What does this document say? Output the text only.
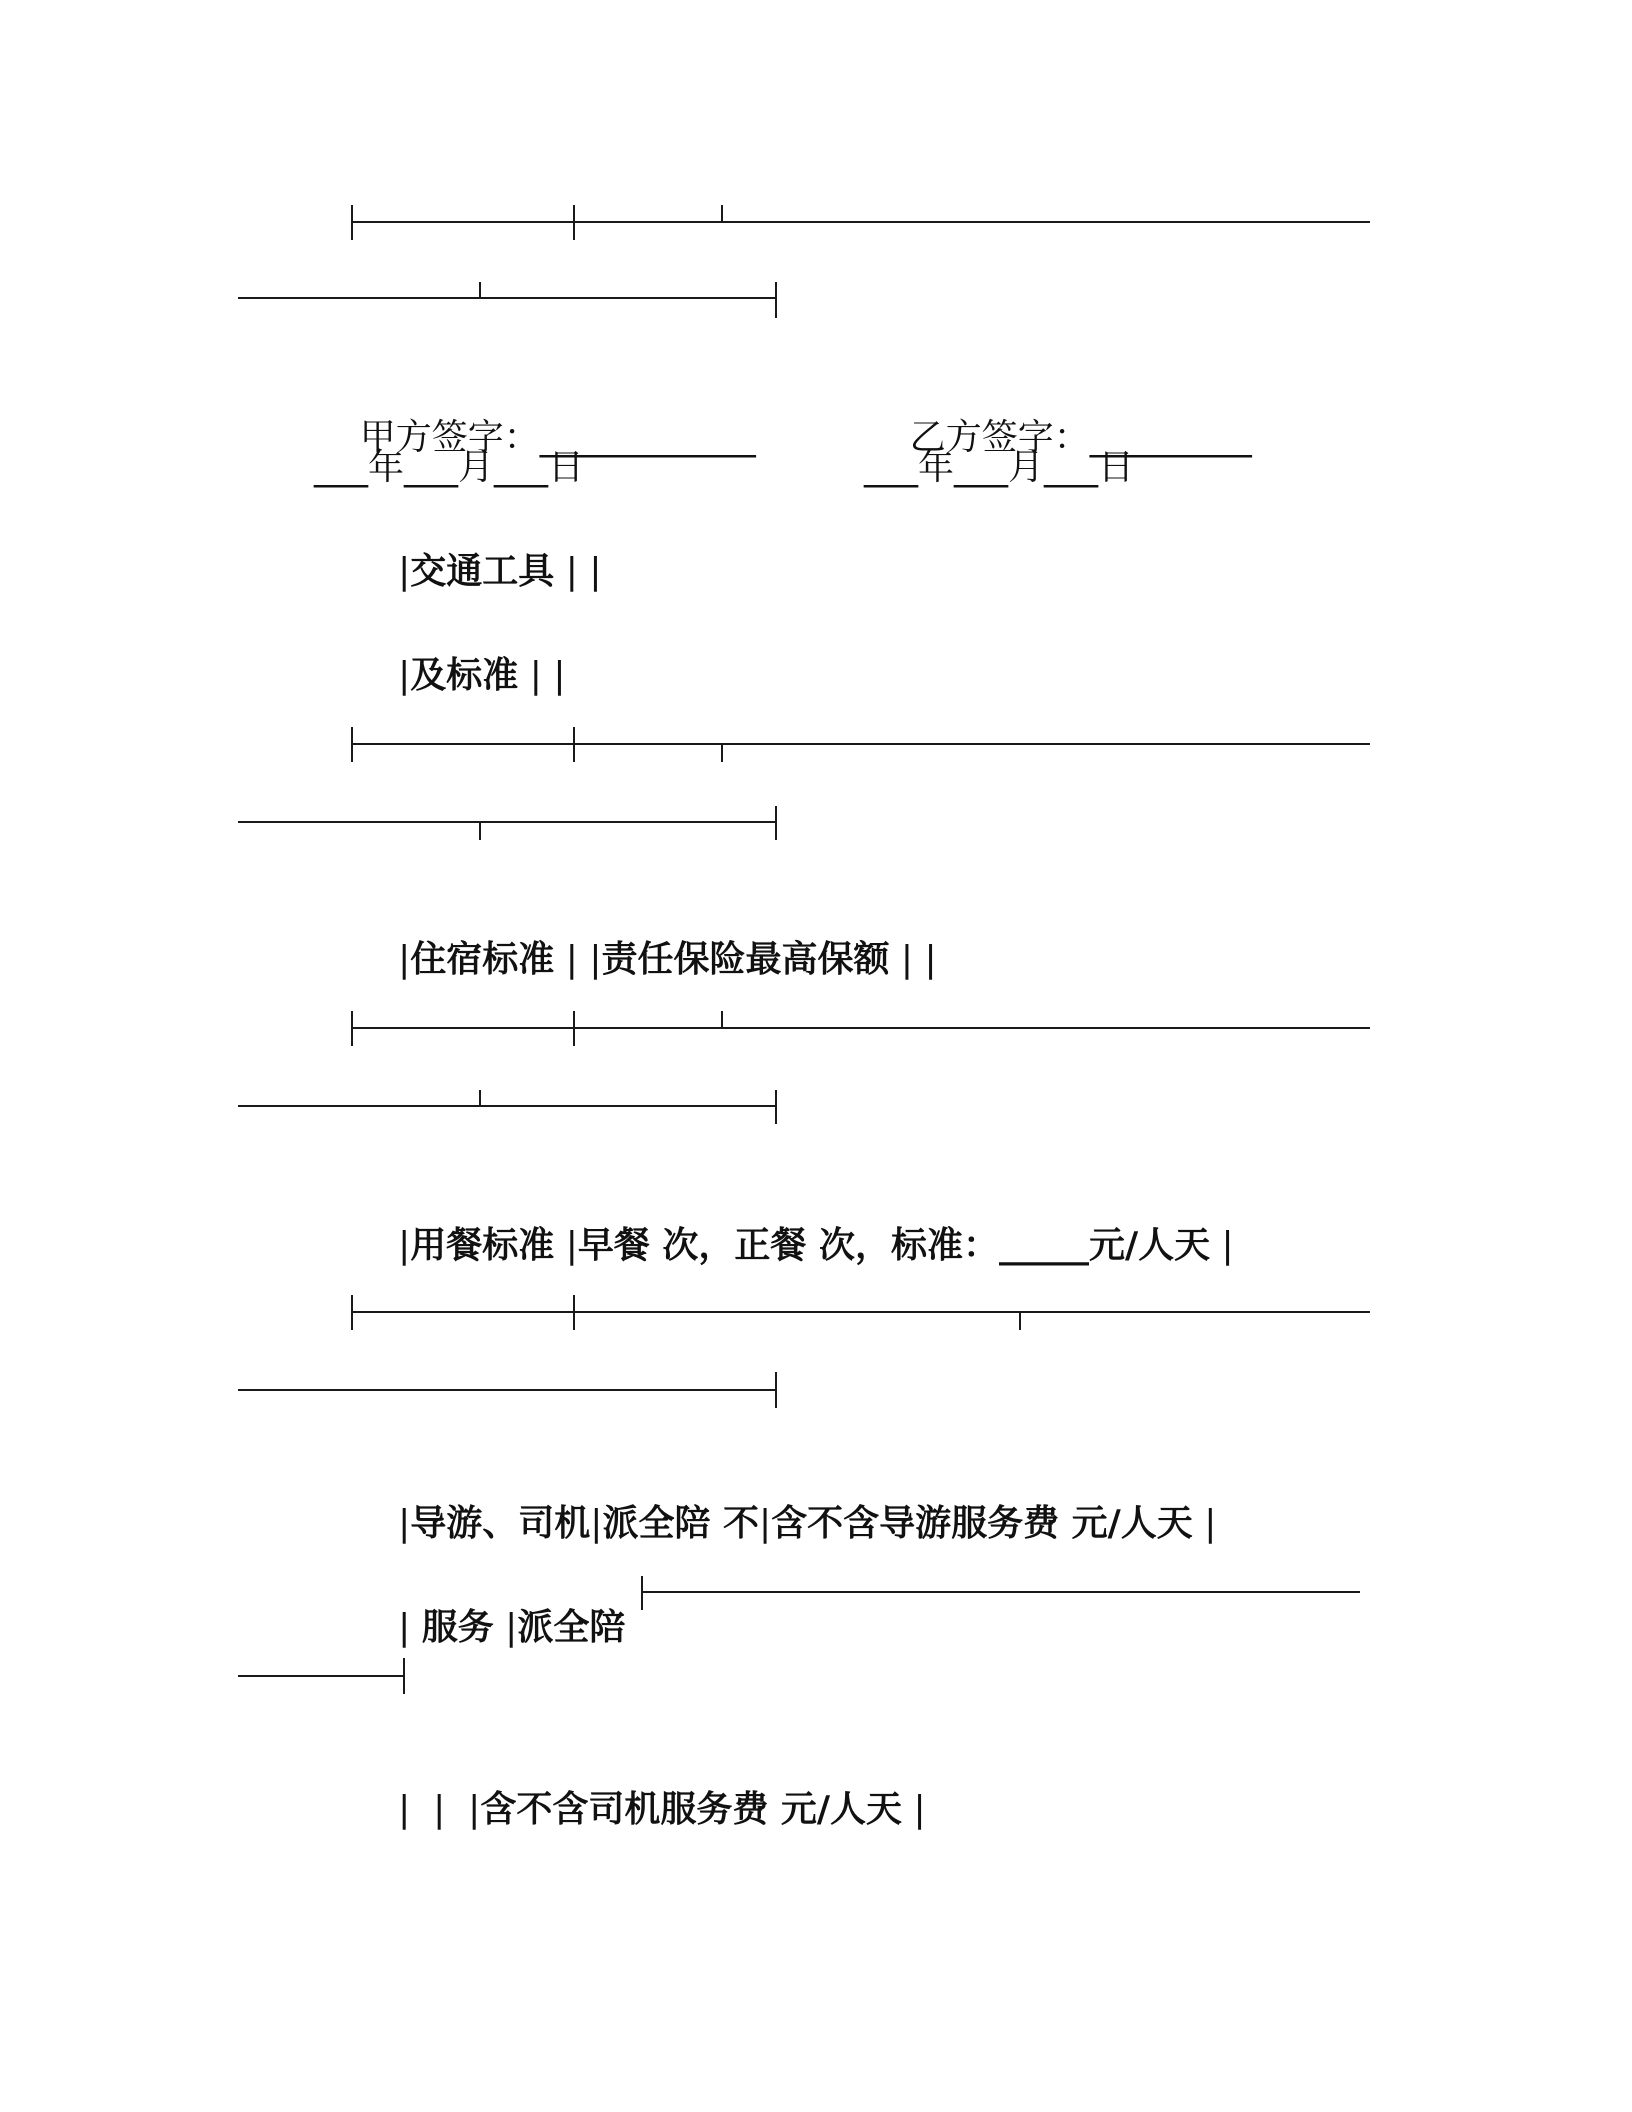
甲方签字：____________
	乙方签字：_________

___年___月___日	___年___月___日

|交通工具 | |

|及标准 | |

|住宿标准 | |责任保险最高保额 | |

|用餐标准 |早餐 次，正餐 次，标准：_____元/人天 |

|导游、司机|派全陪 不|含不含导游服务费 元/人天 |

| 服务 |派全陪

|  |  |含不含司机服务费 元/人天 |
